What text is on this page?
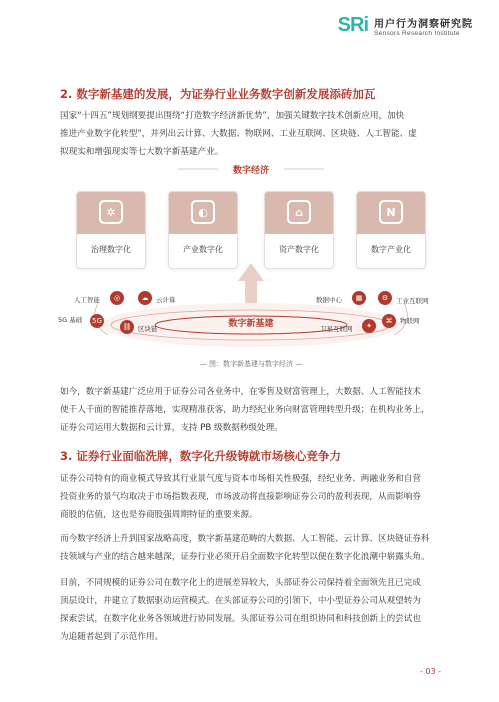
SRi 用户行为洞察研究院
Sensors Research Institute
2. 数字新基建的发展，为证券行业业务数字创新发展添砖加瓦
国家“十四五”规划纲要提出围绕“打造数字经济新优势”，加强关键数字技术创新应用，加快
推进产业数字化转型”，并列出云计算、大数据、物联网、工业互联网、区块链、人工智能、虚
拟现实和增强现实等七大数字新基建产业。
数字经济
✲
治理数字化
◐
产业数字化
⌂
资产数字化
N
数字产业化
◎
人工智能	☁	云计算
5G 基础 5G
⛓	区块链
数据中心	▦	⚙	工业互联网
卫星互联网	✦
⌘	物联网
数字新基建
— 图：数字新基建与数字经济 —
如今，数字新基建广泛应用于证券公司各业务中，在零售及财富管理上，大数据、人工智能技术
使千人千面的智能推荐落地，实现精准获客，助力经纪业务向财富管理转型升级；在机构业务上，
证券公司运用大数据和云计算，支持 PB 级数据秒级处理。
3. 证券行业面临洗牌，数字化升级铸就市场核心竞争力
证券公司特有的商业模式导致其行业景气度与资本市场相关性极强，经纪业务、两融业务和自营
投资业务的景气均取决于市场指数表现，市场波动将直接影响证券公司的盈利表现，从而影响券
商股的估值，这也是券商股强周期特征的重要来源。
而今数字经济上升到国家战略高度，数字新基建范畴的大数据、人工智能、云计算、区块链证券科
技领域与产业的结合越来越深，证券行业必须开启全面数字化转型以便在数字化浪潮中崭露头角。
目前，不同规模的证券公司在数字化上的进展差异较大，头部证券公司保持着全面领先且已完成
顶层设计，并建立了数据驱动运营模式。在头部证券公司的引领下，中小型证券公司从观望转为
探索尝试，在数字化业务各领域进行协同发展。头部证券公司在组织协同和科技创新上的尝试也
为追随者起到了示范作用。
- 03 -
